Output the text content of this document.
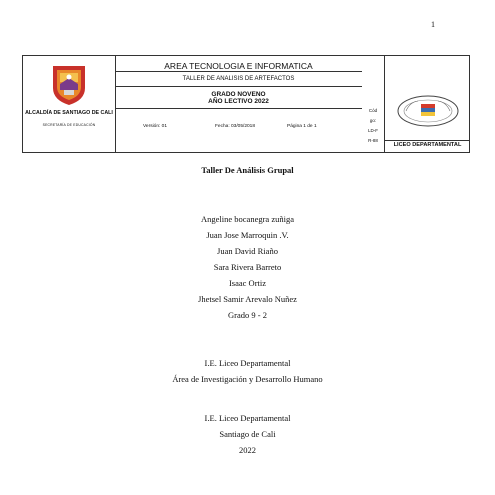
1
ALCALDÍA DE SANTIAGO DE CALI
SECRETARÍA DE EDUCACIÓN
AREA TECNOLOGIA E INFORMATICA
TALLER DE ANALISIS DE ARTEFACTOS
GRADO NOVENO
AÑO LECTIVO 2022
Versión: 01	Fecha: 03/05/2018	Página 1 de 1
Cód
go:
LD-F
R-88
LICEO DEPARTAMENTAL
Taller De Análisis Grupal
Angeline bocanegra zuñiga
Juan Jose Marroquin .V.
Juan David Riaño
Sara Rivera Barreto
Isaac Ortiz
Jhetsel Samir Arevalo Nuñez
Grado 9 - 2
I.E. Liceo Departamental
Área de Investigación y Desarrollo Humano
I.E. Liceo Departamental
Santiago de Cali
2022
